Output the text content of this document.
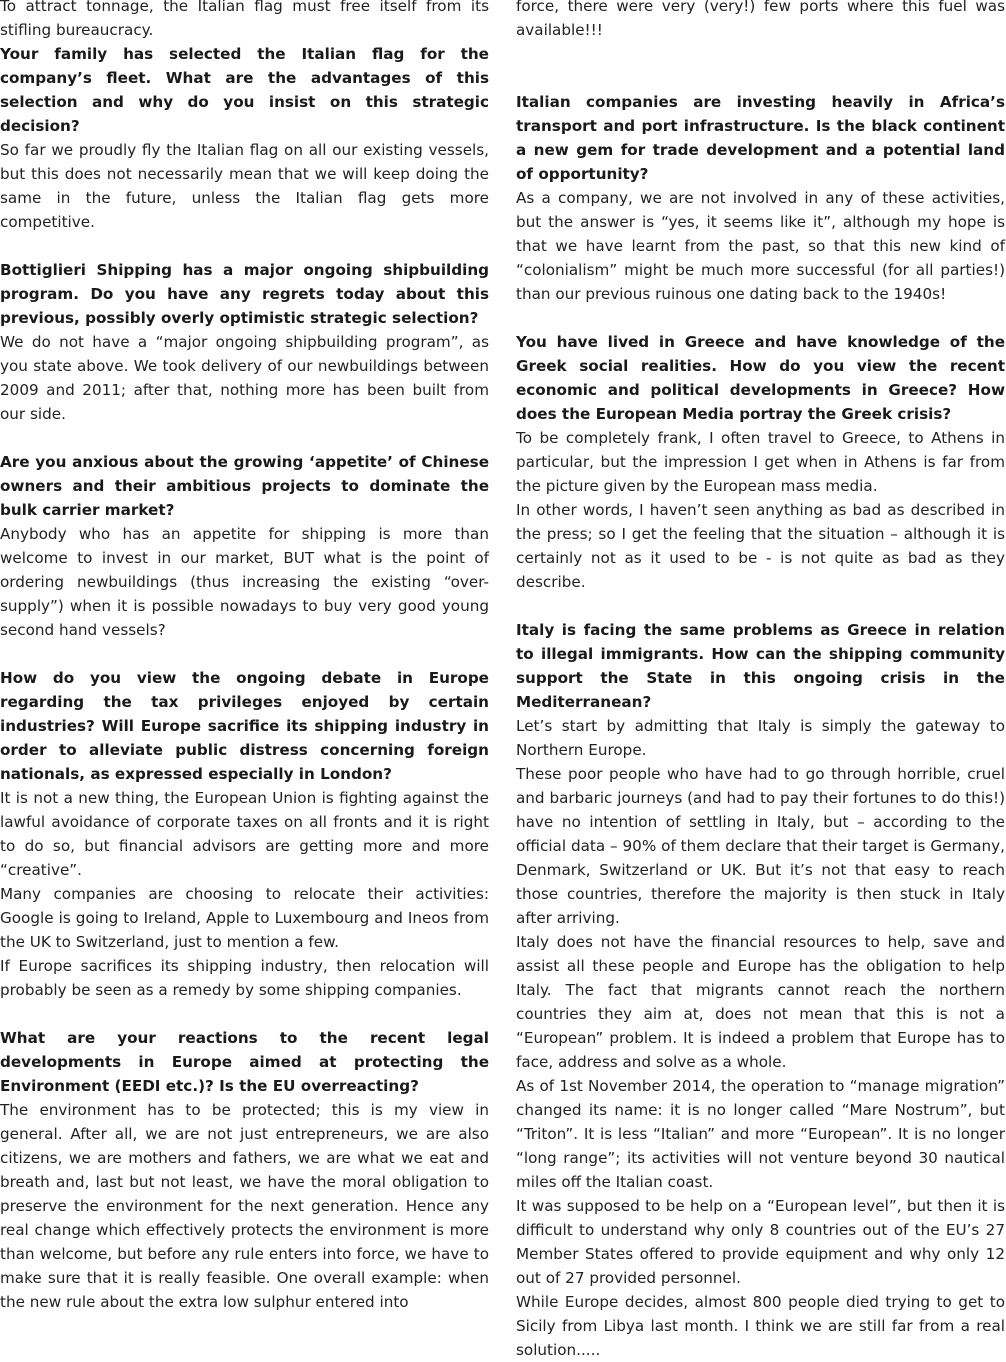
To attract tonnage, the Italian flag must free itself from its stifling bureaucracy.

Your family has selected the Italian flag for the company’s fleet. What are the advantages of this selection and why do you insist on this strategic decision?

So far we proudly fly the Italian flag on all our existing vessels, but this does not necessarily mean that we will keep doing the same in the future, unless the Italian flag gets more competitive.

Bottiglieri Shipping has a major ongoing shipbuilding program. Do you have any regrets today about this previous, possibly overly optimistic strategic selection?

We do not have a “major ongoing shipbuilding program”, as you state above. We took delivery of our newbuildings between 2009 and 2011; after that, nothing more has been built from our side.

Are you anxious about the growing ‘appetite’ of Chinese owners and their ambitious projects to dominate the bulk carrier market?

Anybody who has an appetite for shipping is more than welcome to invest in our market, BUT what is the point of ordering newbuildings (thus increasing the existing “over-supply”) when it is possible nowadays to buy very good young second hand vessels?

How do you view the ongoing debate in Europe regarding the tax privileges enjoyed by certain industries? Will Europe sacrifice its shipping industry in order to alleviate public distress concerning foreign nationals, as expressed especially in London?

It is not a new thing, the European Union is fighting against the lawful avoidance of corporate taxes on all fronts and it is right to do so, but financial advisors are getting more and more “creative”.

Many companies are choosing to relocate their activities: Google is going to Ireland, Apple to Luxembourg and Ineos from the UK to Switzerland, just to mention a few.

If Europe sacrifices its shipping industry, then relocation will probably be seen as a remedy by some shipping companies.

What are your reactions to the recent legal developments in Europe aimed at protecting the Environment (EEDI etc.)? Is the EU overreacting?

The environment has to be protected; this is my view in general. After all, we are not just entrepreneurs, we are also citizens, we are mothers and fathers, we are what we eat and breath and, last but not least, we have the moral obligation to preserve the environment for the next generation. Hence any real change which effectively protects the environment is more than welcome, but before any rule enters into force, we have to make sure that it is really feasible. One overall example: when the new rule about the extra low sulphur entered into

force, there were very (very!) few ports where this fuel was available!!!

Italian companies are investing heavily in Africa’s transport and port infrastructure. Is the black continent a new gem for trade development and a potential land of opportunity?

As a company, we are not involved in any of these activities, but the answer is “yes, it seems like it”, although my hope is that we have learnt from the past, so that this new kind of “colonialism” might be much more successful (for all parties!) than our previous ruinous one dating back to the 1940s!

You have lived in Greece and have knowledge of the Greek social realities. How do you view the recent economic and political developments in Greece? How does the European Media portray the Greek crisis?

To be completely frank, I often travel to Greece, to Athens in particular, but the impression I get when in Athens is far from the picture given by the European mass media.

In other words, I haven’t seen anything as bad as described in the press; so I get the feeling that the situation – although it is certainly not as it used to be - is not quite as bad as they describe.

Italy is facing the same problems as Greece in relation to illegal immigrants. How can the shipping community support the State in this ongoing crisis in the Mediterranean?

Let’s start by admitting that Italy is simply the gateway to Northern Europe.

These poor people who have had to go through horrible, cruel and barbaric journeys (and had to pay their fortunes to do this!) have no intention of settling in Italy, but – according to the official data – 90% of them declare that their target is Germany, Denmark, Switzerland or UK. But it’s not that easy to reach those countries, therefore the majority is then stuck in Italy after arriving.

Italy does not have the financial resources to help, save and assist all these people and Europe has the obligation to help Italy. The fact that migrants cannot reach the northern countries they aim at, does not mean that this is not a “European” problem. It is indeed a problem that Europe has to face, address and solve as a whole.

As of 1st November 2014, the operation to “manage migration” changed its name: it is no longer called “Mare Nostrum”, but “Triton”. It is less “Italian” and more “European”. It is no longer “long range”; its activities will not venture beyond 30 nautical miles off the Italian coast.

It was supposed to be help on a “European level”, but then it is difficult to understand why only 8 countries out of the EU’s 27 Member States offered to provide equipment and why only 12 out of 27 provided personnel.

While Europe decides, almost 800 people died trying to get to Sicily from Libya last month. I think we are still far from a real solution.....
